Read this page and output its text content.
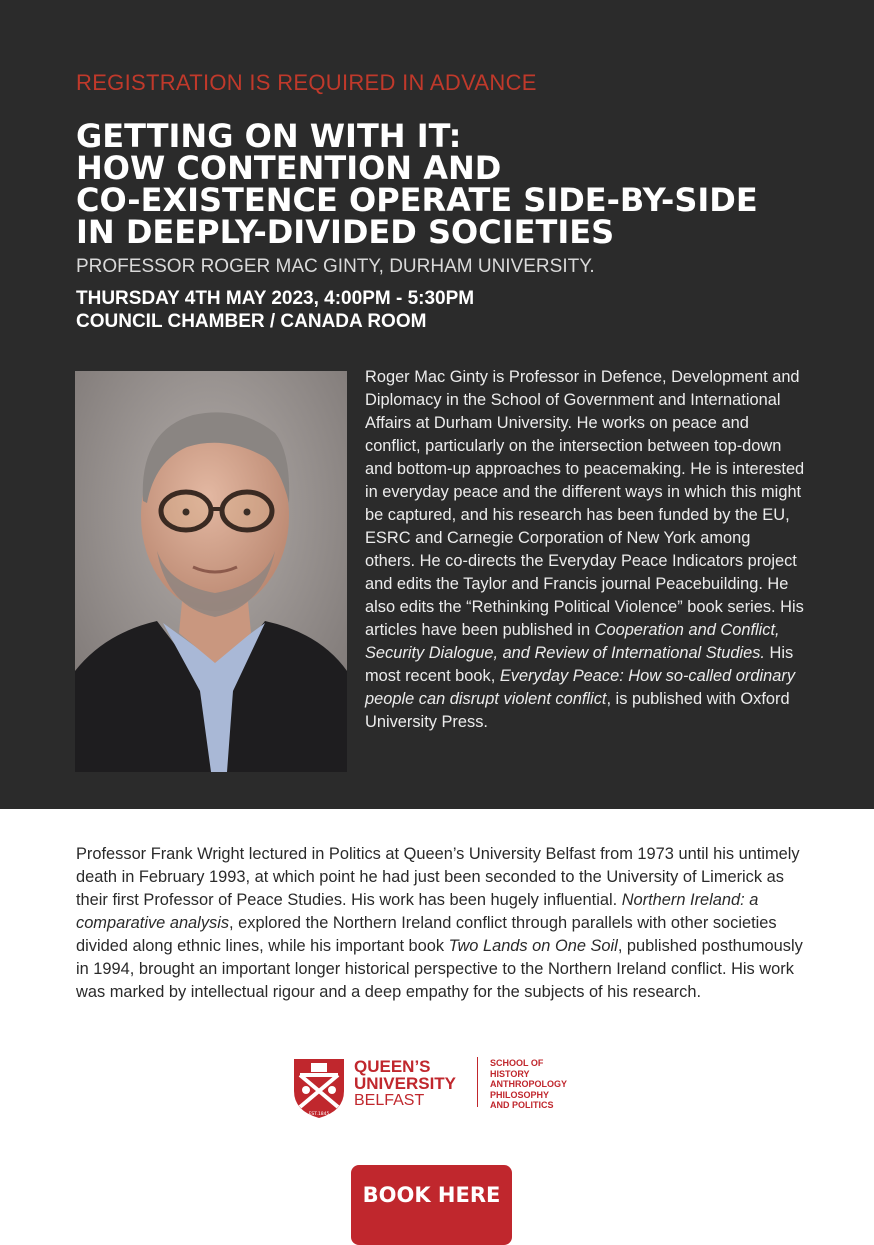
REGISTRATION IS REQUIRED IN ADVANCE
GETTING ON WITH IT:
HOW CONTENTION AND
CO-EXISTENCE OPERATE SIDE-BY-SIDE
IN DEEPLY-DIVIDED SOCIETIES
PROFESSOR ROGER MAC GINTY, DURHAM UNIVERSITY.
THURSDAY 4TH MAY 2023, 4:00PM - 5:30PM
COUNCIL CHAMBER / CANADA ROOM
Roger Mac Ginty is Professor in Defence, Development and Diplomacy in the School of Government and International Affairs at Durham University. He works on peace and conflict, particularly on the intersection between top-down and bottom-up approaches to peacemaking. He is interested in everyday peace and the different ways in which this might be captured, and his research has been funded by the EU, ESRC and Carnegie Corporation of New York among others. He co-directs the Everyday Peace Indicators project and edits the Taylor and Francis journal Peacebuilding. He also edits the “Rethinking Political Violence” book series. His articles have been published in Cooperation and Conflict, Security Dialogue, and Review of International Studies. His most recent book, Everyday Peace: How so-called ordinary people can disrupt violent conflict, is published with Oxford University Press.
Professor Frank Wright lectured in Politics at Queen’s University Belfast from 1973 until his untimely death in February 1993, at which point he had just been seconded to the University of Limerick as their first Professor of Peace Studies. His work has been hugely influential. Northern Ireland: a comparative analysis, explored the Northern Ireland conflict through parallels with other societies divided along ethnic lines, while his important book Two Lands on One Soil, published posthumously in 1994, brought an important longer historical perspective to the Northern Ireland conflict. His work was marked by intellectual rigour and a deep empathy for the subjects of his research.
EST.1845
QUEEN’S
UNIVERSITY
BELFAST
SCHOOL OF
HISTORY
ANTHROPOLOGY
PHILOSOPHY
AND POLITICS
BOOK HERE
